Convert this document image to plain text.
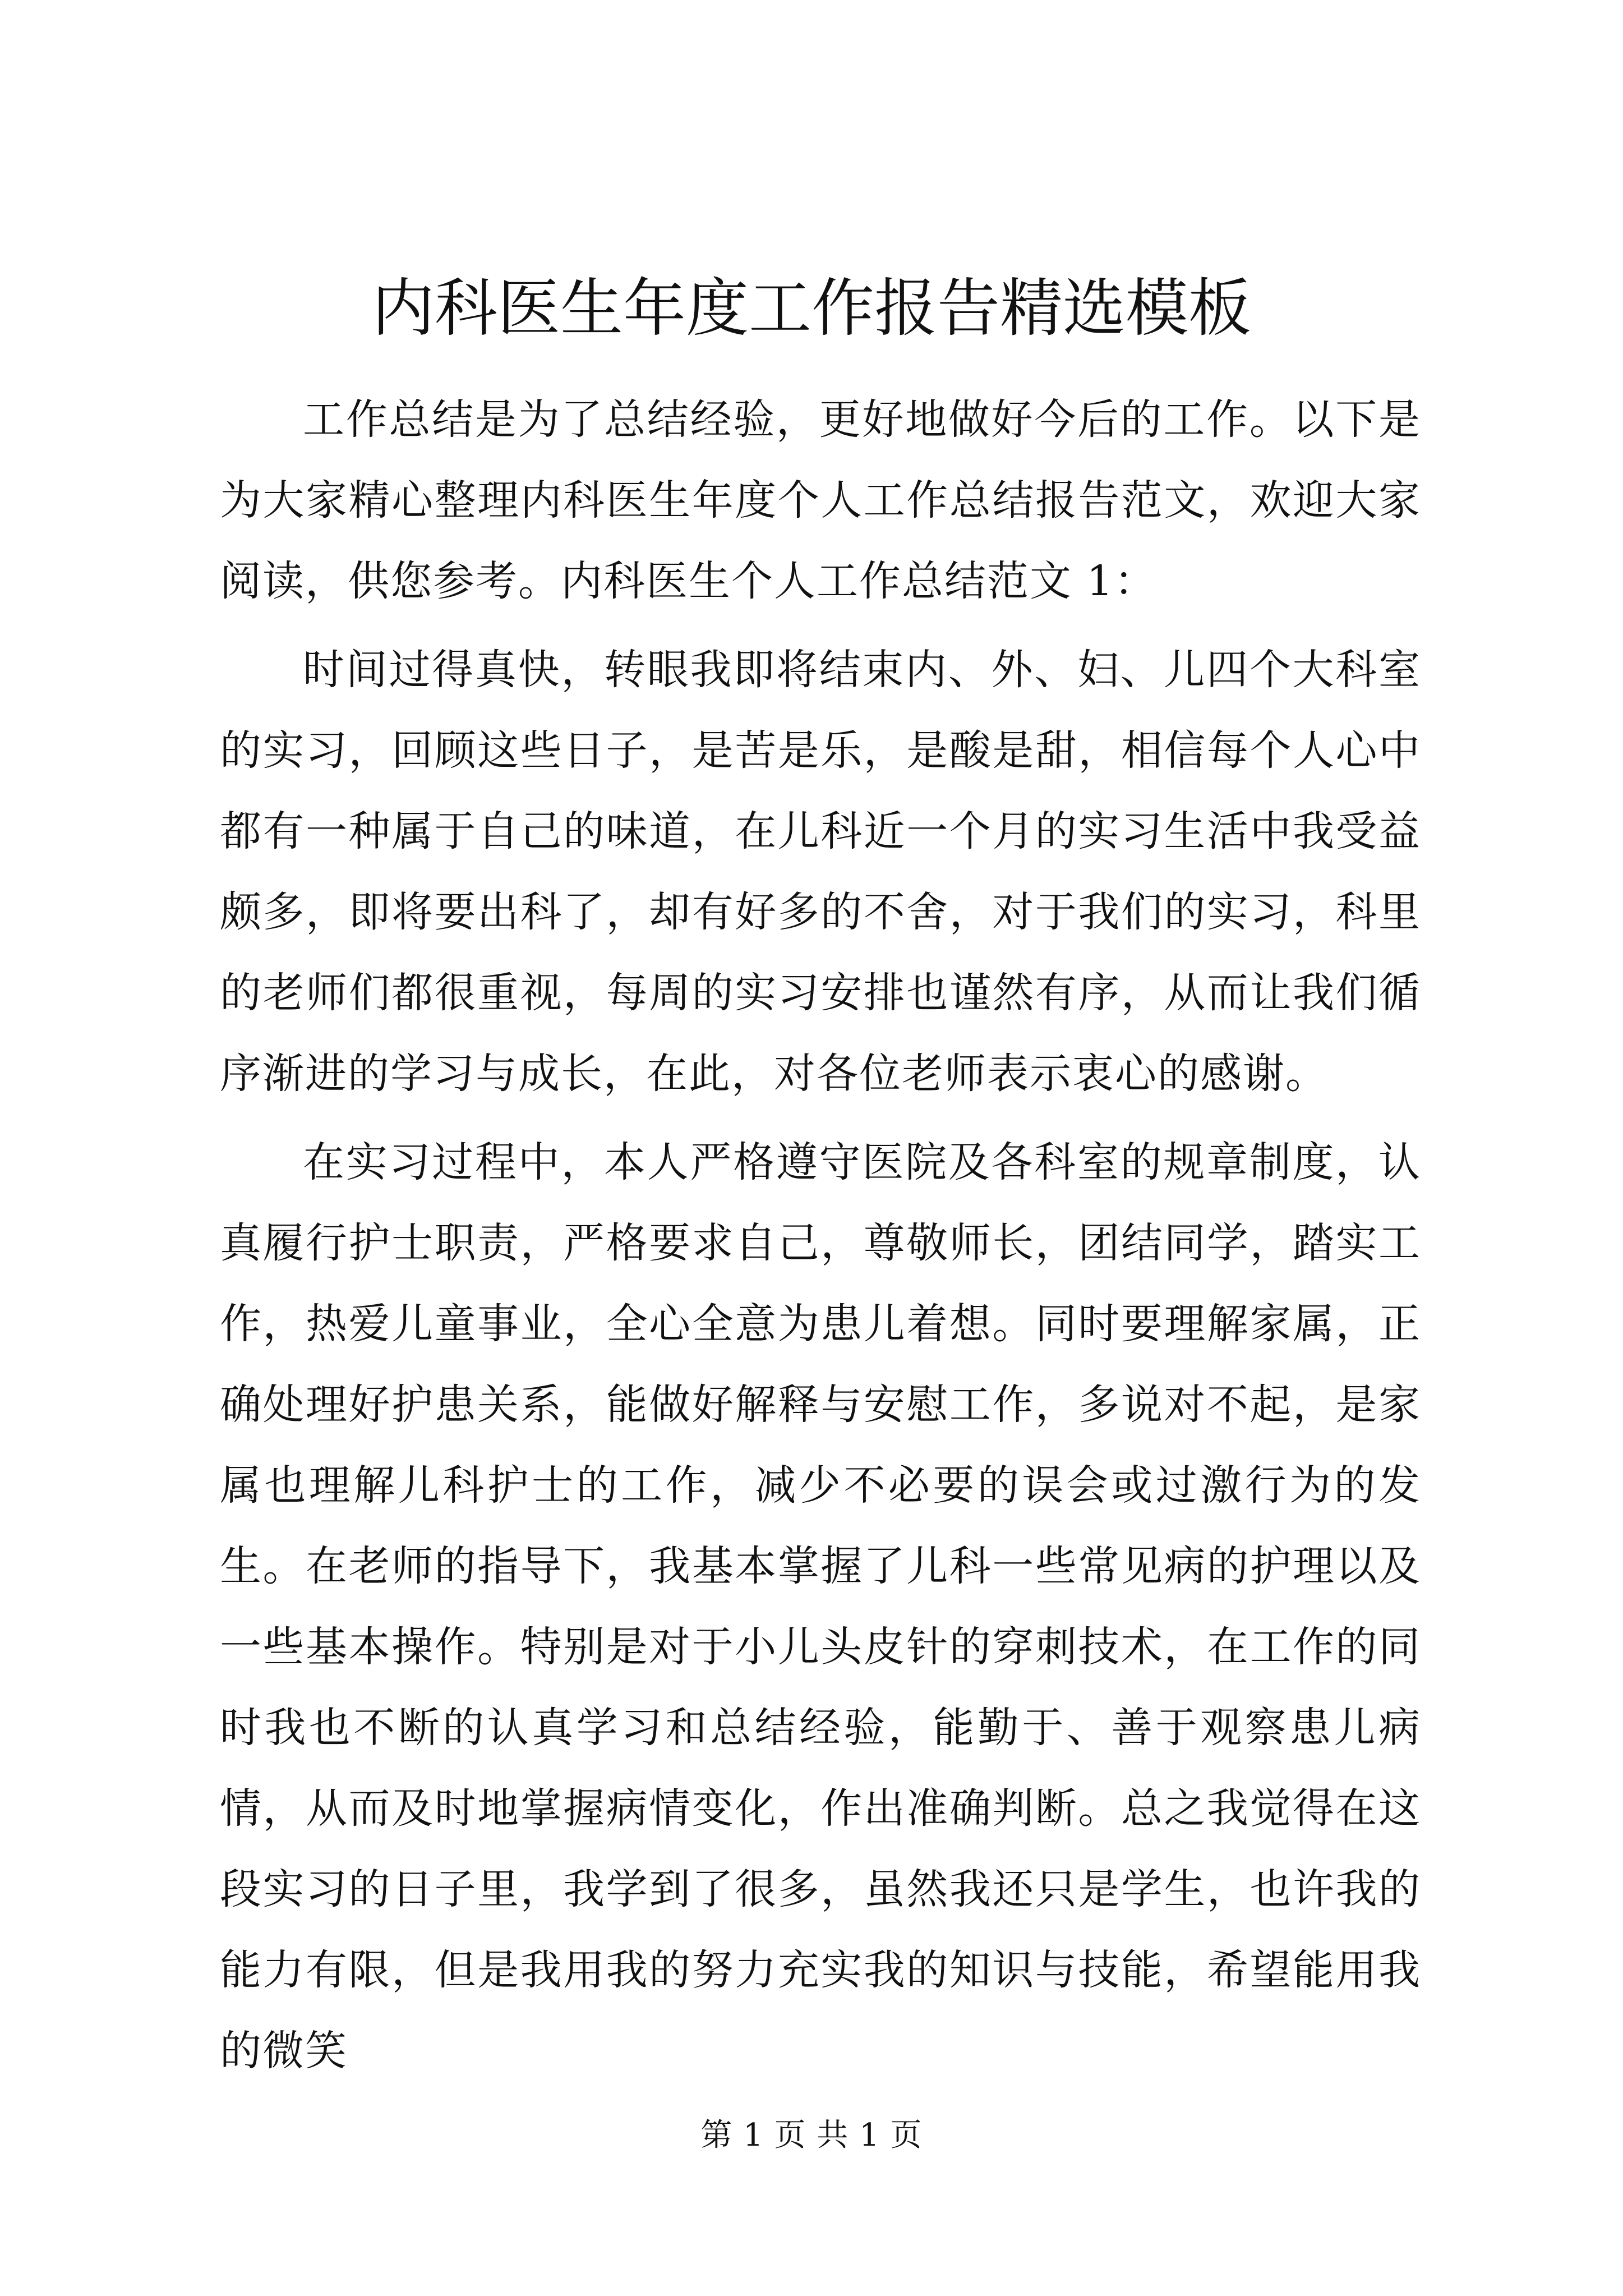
内科医生年度工作报告精选模板

工作总结是为了总结经验，更好地做好今后的工作。以下是为大家精心整理内科医生年度个人工作总结报告范文，欢迎大家阅读，供您参考。内科医生个人工作总结范文 1：

时间过得真快，转眼我即将结束内、外、妇、儿四个大科室的实习，回顾这些日子，是苦是乐，是酸是甜，相信每个人心中都有一种属于自己的味道，在儿科近一个月的实习生活中我受益颇多，即将要出科了，却有好多的不舍，对于我们的实习，科里的老师们都很重视，每周的实习安排也谨然有序，从而让我们循序渐进的学习与成长，在此，对各位老师表示衷心的感谢。

在实习过程中，本人严格遵守医院及各科室的规章制度，认真履行护士职责，严格要求自己，尊敬师长，团结同学，踏实工作，热爱儿童事业，全心全意为患儿着想。同时要理解家属，正确处理好护患关系，能做好解释与安慰工作，多说对不起，是家属也理解儿科护士的工作，减少不必要的误会或过激行为的发生。在老师的指导下，我基本掌握了儿科一些常见病的护理以及一些基本操作。特别是对于小儿头皮针的穿刺技术，在工作的同时我也不断的认真学习和总结经验，能勤于、善于观察患儿病情，从而及时地掌握病情变化，作出准确判断。总之我觉得在这段实习的日子里，我学到了很多，虽然我还只是学生，也许我的能力有限，但是我用我的努力充实我的知识与技能，希望能用我的微笑

第 1 页 共 1 页
